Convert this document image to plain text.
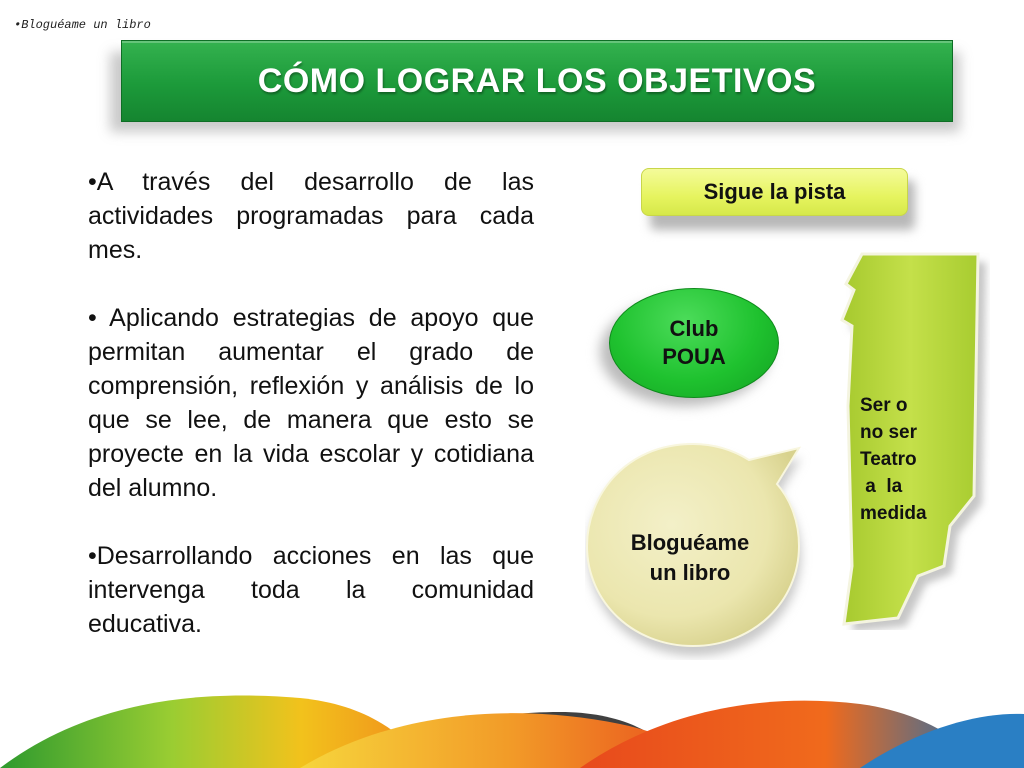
•Bloguéame un libro
CÓMO LOGRAR LOS OBJETIVOS

•A través del desarrollo de las actividades programadas para cada mes.

• Aplicando estrategias de apoyo que permitan aumentar el grado de comprensión, reflexión y análisis de lo que se lee, de manera que esto se proyecte en la vida escolar y cotidiana del alumno.

•Desarrollando acciones en las que intervenga toda la comunidad educativa.

Sigue la pista
Club
POUA
Bloguéame
un libro
Ser o
no ser
Teatro
a  la
medida
